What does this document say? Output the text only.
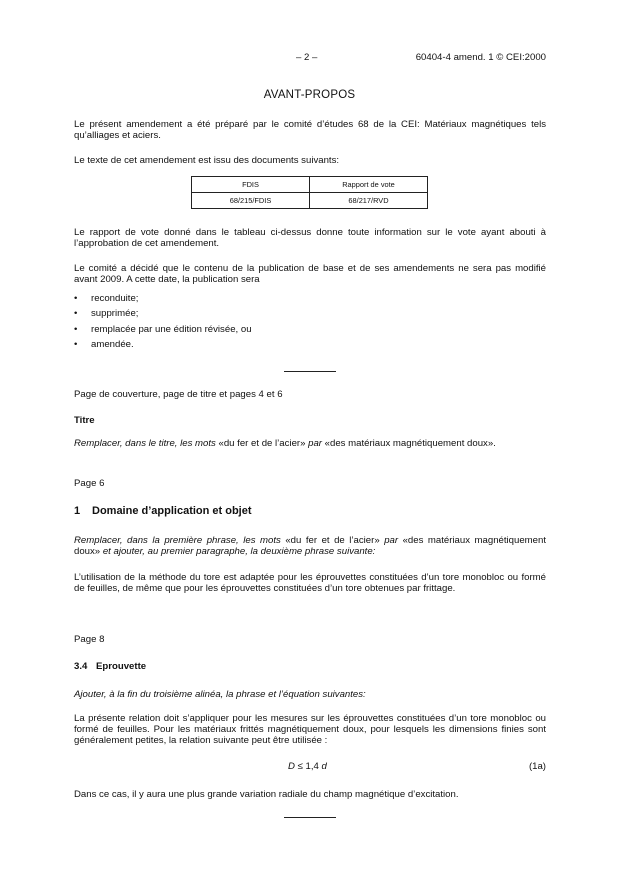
– 2 –	60404-4 amend. 1 © CEI:2000
AVANT-PROPOS
Le présent amendement a été préparé par le comité d’études 68 de la CEI: Matériaux magnétiques tels qu’alliages et aciers.
Le texte de cet amendement est issu des documents suivants:
FDIS	Rapport de vote
68/215/FDIS	68/217/RVD
Le rapport de vote donné dans le tableau ci-dessus donne toute information sur le vote ayant abouti à l’approbation de cet amendement.
Le comité a décidé que le contenu de la publication de base et de ses amendements ne sera pas modifié avant 2009. A cette date, la publication sera
• reconduite;
• supprimée;
• remplacée par une édition révisée, ou
• amendée.
Page de couverture, page de titre et pages 4 et 6
Titre
Remplacer, dans le titre, les mots «du fer et de l’acier» par «des matériaux magnétiquement doux».
Page 6
1 Domaine d’application et objet
Remplacer, dans la première phrase, les mots «du fer et de l’acier» par «des matériaux magnétiquement doux» et ajouter, au premier paragraphe, la deuxième phrase suivante:
L’utilisation de la méthode du tore est adaptée pour les éprouvettes constituées d’un tore monobloc ou formé de feuilles, de même que pour les éprouvettes constituées d’un tore obtenues par frittage.
Page 8
3.4 Eprouvette
Ajouter, à la fin du troisième alinéa, la phrase et l’équation suivantes:
La présente relation doit s’appliquer pour les mesures sur les éprouvettes constituées d’un tore monobloc ou formé de feuilles. Pour les matériaux frittés magnétiquement doux, pour lesquels les dimensions finies sont généralement petites, la relation suivante peut être utilisée :
D ≤ 1,4 d	(1a)
Dans ce cas, il y aura une plus grande variation radiale du champ magnétique d’excitation.
